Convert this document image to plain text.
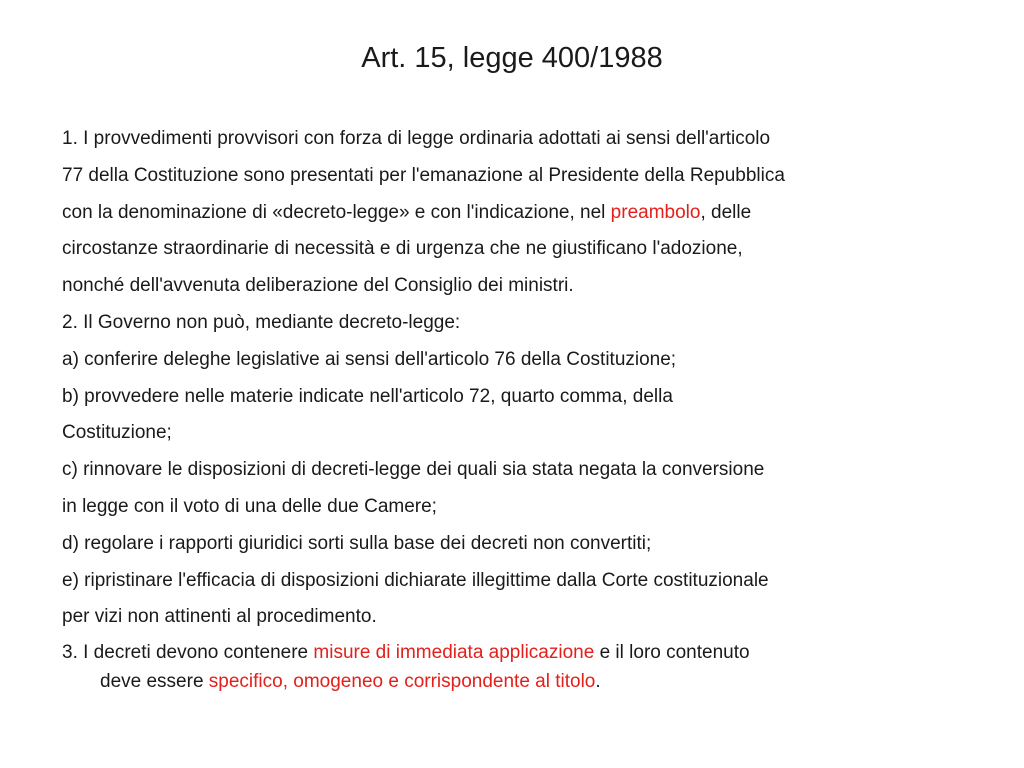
Art. 15, legge 400/1988
1. I provvedimenti provvisori con forza di legge ordinaria adottati ai sensi dell'articolo
77 della Costituzione sono presentati per l'emanazione al Presidente della Repubblica
con la denominazione di «decreto-legge» e con l'indicazione, nel preambolo, delle
circostanze straordinarie di necessità e di urgenza che ne giustificano l'adozione,
nonché dell'avvenuta deliberazione del Consiglio dei ministri.
2. Il Governo non può, mediante decreto-legge:
a) conferire deleghe legislative ai sensi dell'articolo 76 della Costituzione;
b) provvedere nelle materie indicate nell'articolo 72, quarto comma, della
Costituzione;
c) rinnovare le disposizioni di decreti-legge dei quali sia stata negata la conversione
in legge con il voto di una delle due Camere;
d) regolare i rapporti giuridici sorti sulla base dei decreti non convertiti;
e) ripristinare l'efficacia di disposizioni dichiarate illegittime dalla Corte costituzionale
per vizi non attinenti al procedimento.
3. I decreti devono contenere misure di immediata applicazione e il loro contenuto
deve essere specifico, omogeneo e corrispondente al titolo.
